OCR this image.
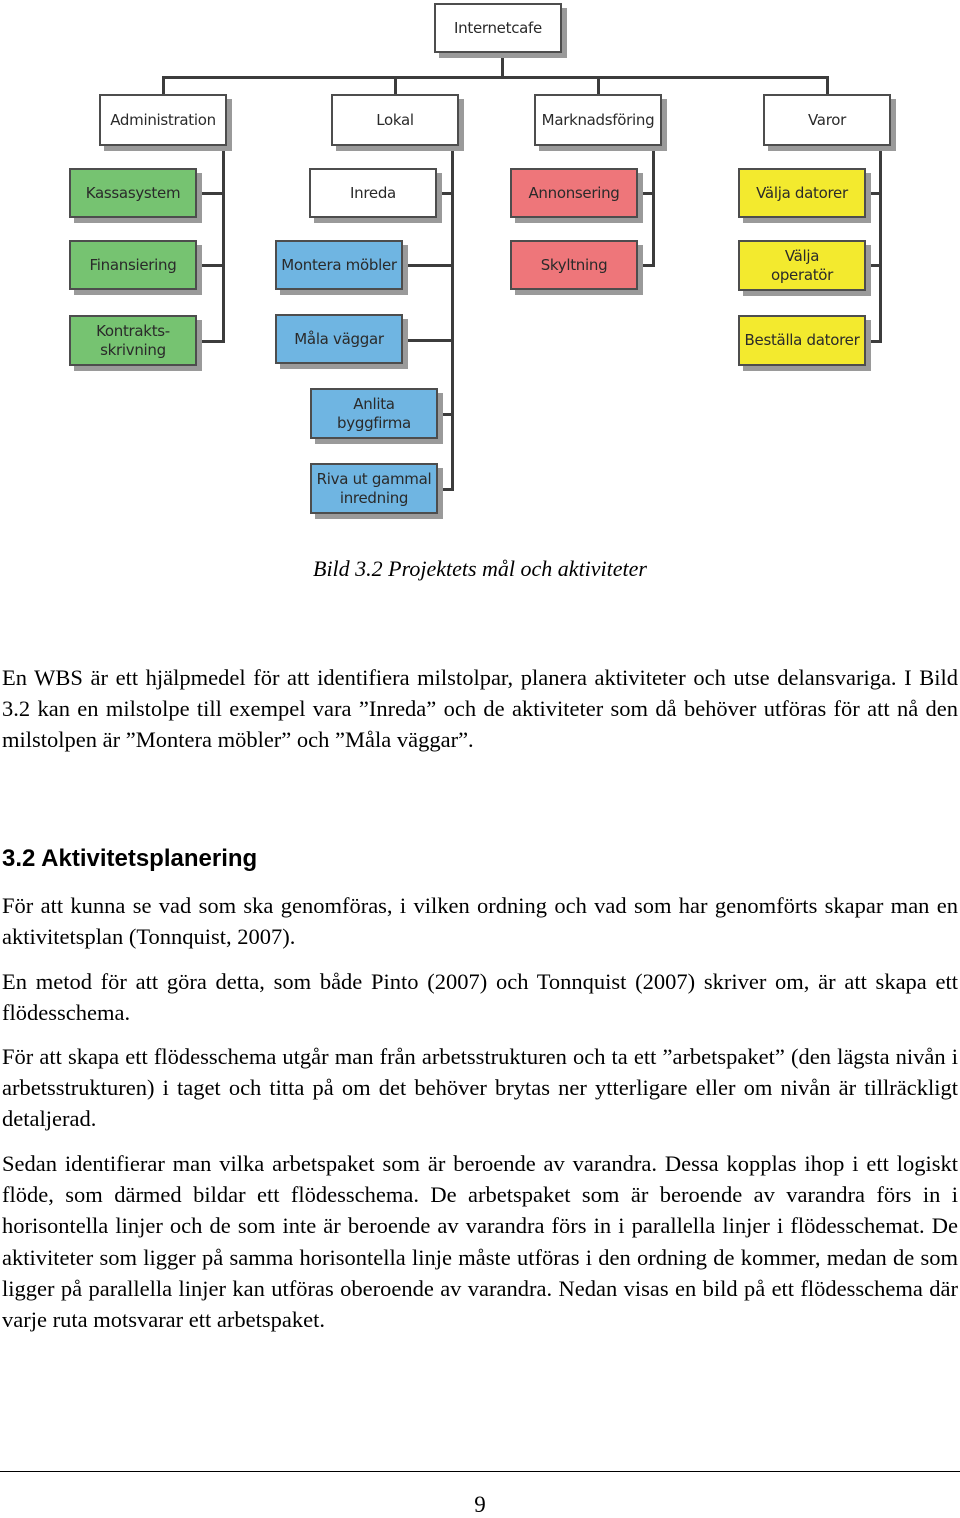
Internetcafe
Administration	Lokal	Marknadsföring	Varor
Kassasystem
Finansiering
Kontrakts-
skrivning
Inreda
Montera möbler
Måla väggar
Anlita
byggfirma
Riva ut gammal
inredning
Annonsering
Skyltning
Välja datorer
Välja
operatör
Beställa datorer
Bild 3.2 Projektets mål och aktiviteter

En WBS är ett hjälpmedel för att identifiera milstolpar, planera aktiviteter och utse delansvariga. I Bild 3.2 kan en milstolpe till exempel vara ”Inreda” och de aktiviteter som då behöver utföras för att nå den milstolpen är ”Montera möbler” och ”Måla väggar”.

3.2 Aktivitetsplanering

För att kunna se vad som ska genomföras, i vilken ordning och vad som har genomförts skapar man en aktivitetsplan (Tonnquist, 2007).

En metod för att göra detta, som både Pinto (2007) och Tonnquist (2007) skriver om, är att skapa ett flödesschema.

För att skapa ett flödesschema utgår man från arbetsstrukturen och ta ett ”arbetspaket” (den lägsta nivån i arbetsstrukturen) i taget och titta på om det behöver brytas ner ytterligare eller om nivån är tillräckligt detaljerad.

Sedan identifierar man vilka arbetspaket som är beroende av varandra. Dessa kopplas ihop i ett logiskt flöde, som därmed bildar ett flödesschema. De arbetspaket som är beroende av varandra förs in i horisontella linjer och de som inte är beroende av varandra förs in i parallella linjer i flödesschemat. De aktiviteter som ligger på samma horisontella linje måste utföras i den ordning de kommer, medan de som ligger på parallella linjer kan utföras oberoende av varandra. Nedan visas en bild på ett flödesschema där varje ruta motsvarar ett arbetspaket.

9
